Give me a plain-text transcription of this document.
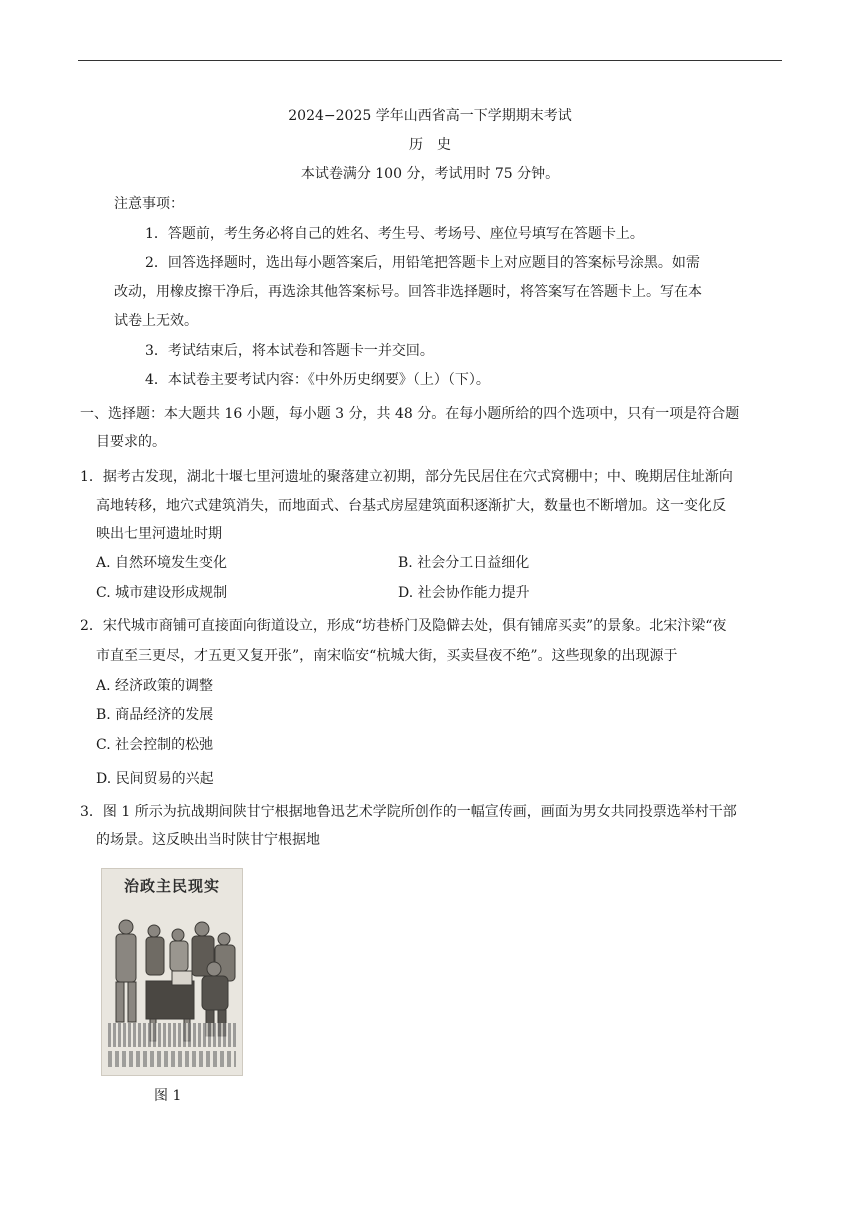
2024−2025 学年山西省高一下学期期末考试
历　史
本试卷满分 100 分，考试用时 75 分钟。
注意事项：
1．答题前，考生务必将自己的姓名、考生号、考场号、座位号填写在答题卡上。
2．回答选择题时，选出每小题答案后，用铅笔把答题卡上对应题目的答案标号涂黑。如需
改动，用橡皮擦干净后，再选涂其他答案标号。回答非选择题时，将答案写在答题卡上。写在本
试卷上无效。
3．考试结束后，将本试卷和答题卡一并交回。
4．本试卷主要考试内容：《中外历史纲要》（上）（下）。
一、选择题：本大题共 16 小题，每小题 3 分，共 48 分。在每小题所给的四个选项中，只有一项是符合题
目要求的。
1．据考古发现，湖北十堰七里河遗址的聚落建立初期，部分先民居住在穴式窝棚中；中、晚期居住址渐向
高地转移，地穴式建筑消失，而地面式、台基式房屋建筑面积逐渐扩大，数量也不断增加。这一变化反
映出七里河遗址时期
A. 自然环境发生变化	B. 社会分工日益细化
C. 城市建设形成规制	D. 社会协作能力提升
2．宋代城市商铺可直接面向街道设立，形成“坊巷桥门及隐僻去处，俱有铺席买卖”的景象。北宋汴梁“夜
市直至三更尽，才五更又复开张”，南宋临安“杭城大街，买卖昼夜不绝”。这些现象的出现源于
A. 经济政策的调整
B. 商品经济的发展
C. 社会控制的松弛
D. 民间贸易的兴起
3．图 1 所示为抗战期间陕甘宁根据地鲁迅艺术学院所创作的一幅宣传画，画面为男女共同投票选举村干部
的场景。这反映出当时陕甘宁根据地
治政主民现实
图 1
